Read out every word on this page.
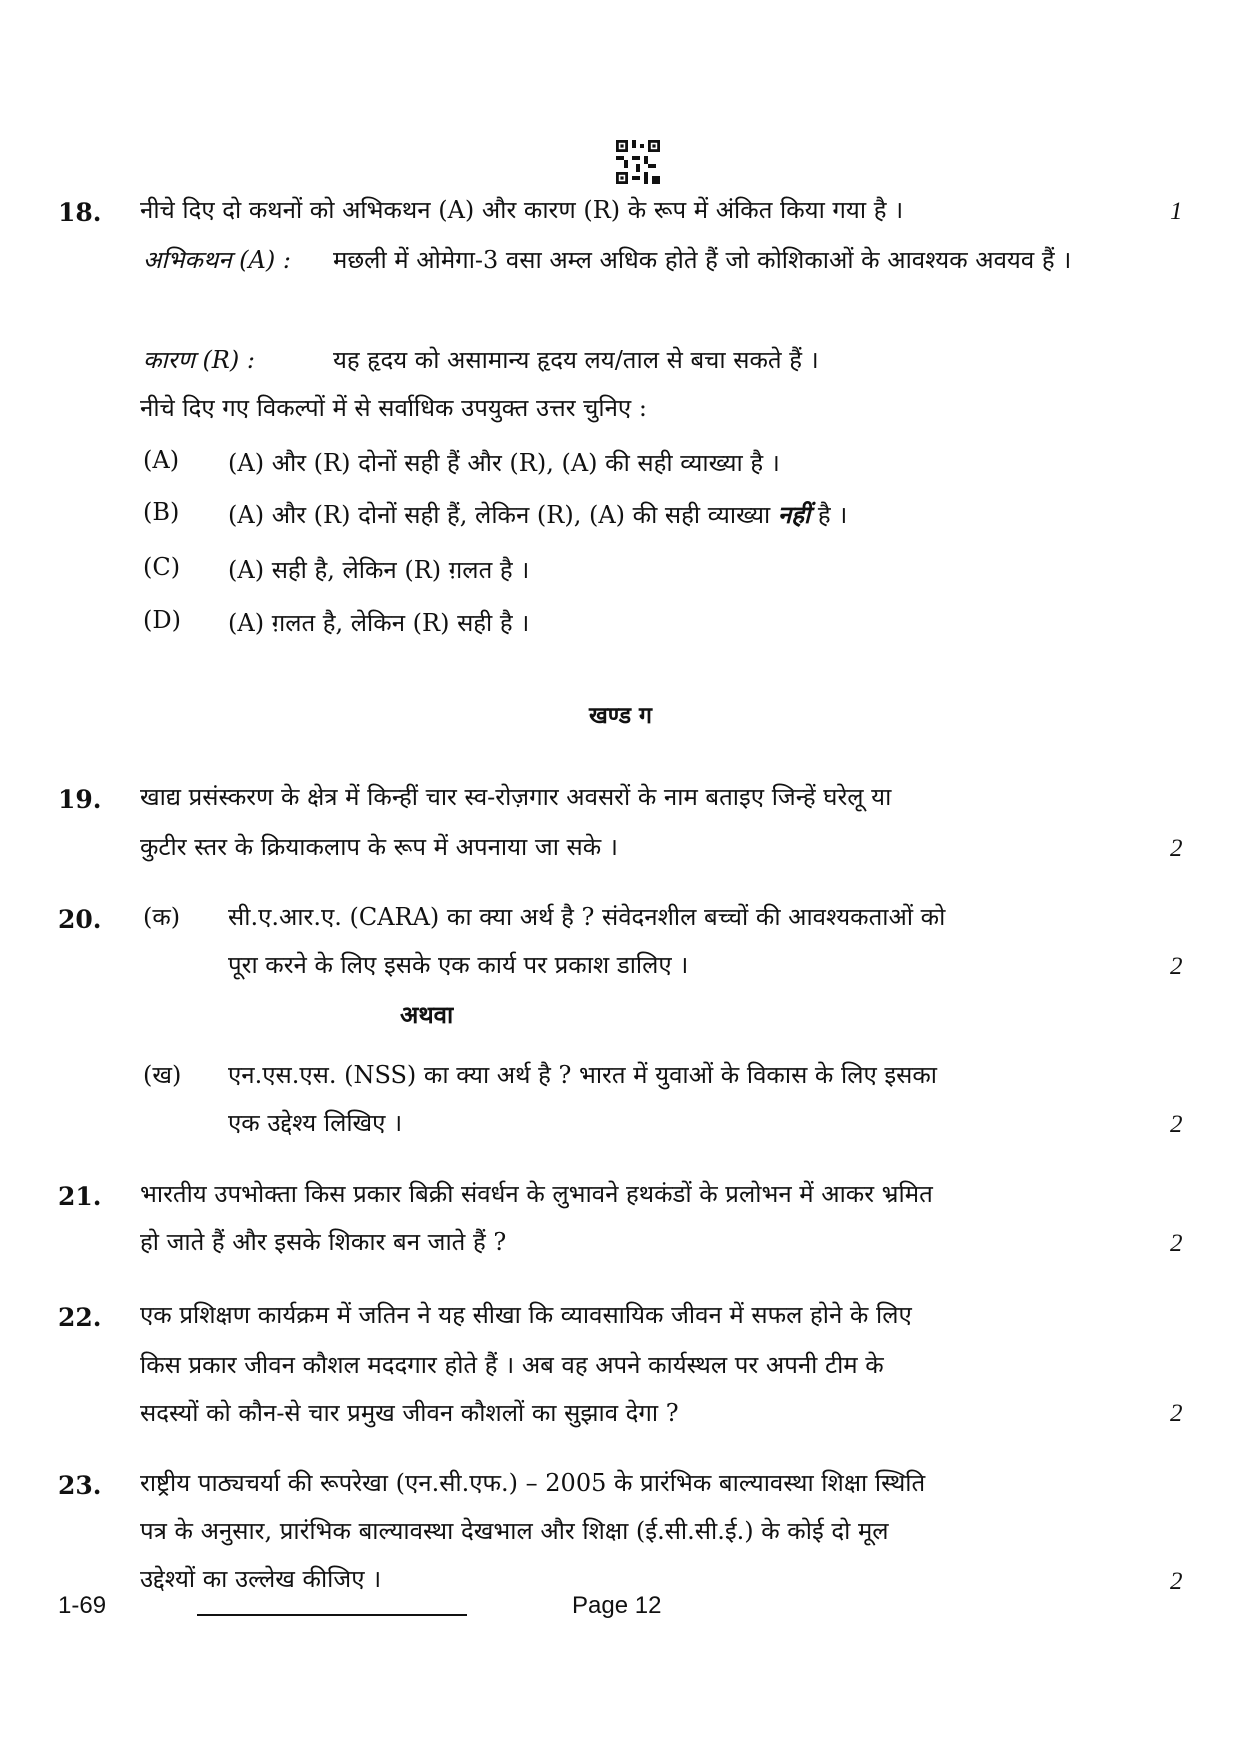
18. नीचे दिए दो कथनों को अभिकथन (A) और कारण (R) के रूप में अंकित किया गया है ।	1
अभिकथन (A) : मछली में ओमेगा-3 वसा अम्ल अधिक होते हैं जो कोशिकाओं के आवश्यक अवयव हैं ।
कारण (R) :	यह हृदय को असामान्य हृदय लय/ताल से बचा सकते हैं ।
नीचे दिए गए विकल्पों में से सर्वाधिक उपयुक्त उत्तर चुनिए :
(A) (A) और (R) दोनों सही हैं और (R), (A) की सही व्याख्या है ।
(B) (A) और (R) दोनों सही हैं, लेकिन (R), (A) की सही व्याख्या नहीं है ।
(C) (A) सही है, लेकिन (R) ग़लत है ।
(D) (A) ग़लत है, लेकिन (R) सही है ।
खण्ड ग
19. खाद्य प्रसंस्करण के क्षेत्र में किन्हीं चार स्व-रोज़गार अवसरों के नाम बताइए जिन्हें घरेलू या
कुटीर स्तर के क्रियाकलाप के रूप में अपनाया जा सके ।	2
20. (क) सी.ए.आर.ए. (CARA) का क्या अर्थ है ? संवेदनशील बच्चों की आवश्यकताओं को
पूरा करने के लिए इसके एक कार्य पर प्रकाश डालिए ।	2
अथवा
(ख) एन.एस.एस. (NSS) का क्या अर्थ है ? भारत में युवाओं के विकास के लिए इसका
एक उद्देश्य लिखिए ।	2
21. भारतीय उपभोक्ता किस प्रकार बिक्री संवर्धन के लुभावने हथकंडों के प्रलोभन में आकर भ्रमित
हो जाते हैं और इसके शिकार बन जाते हैं ?	2
22. एक प्रशिक्षण कार्यक्रम में जतिन ने यह सीखा कि व्यावसायिक जीवन में सफल होने के लिए
किस प्रकार जीवन कौशल मददगार होते हैं । अब वह अपने कार्यस्थल पर अपनी टीम के
सदस्यों को कौन-से चार प्रमुख जीवन कौशलों का सुझाव देगा ?	2
23. राष्ट्रीय पाठ्यचर्या की रूपरेखा (एन.सी.एफ.) – 2005 के प्रारंभिक बाल्यावस्था शिक्षा स्थिति
पत्र के अनुसार, प्रारंभिक बाल्यावस्था देखभाल और शिक्षा (ई.सी.सी.ई.) के कोई दो मूल
उद्देश्यों का उल्लेख कीजिए ।	2
1-69	Page 12
